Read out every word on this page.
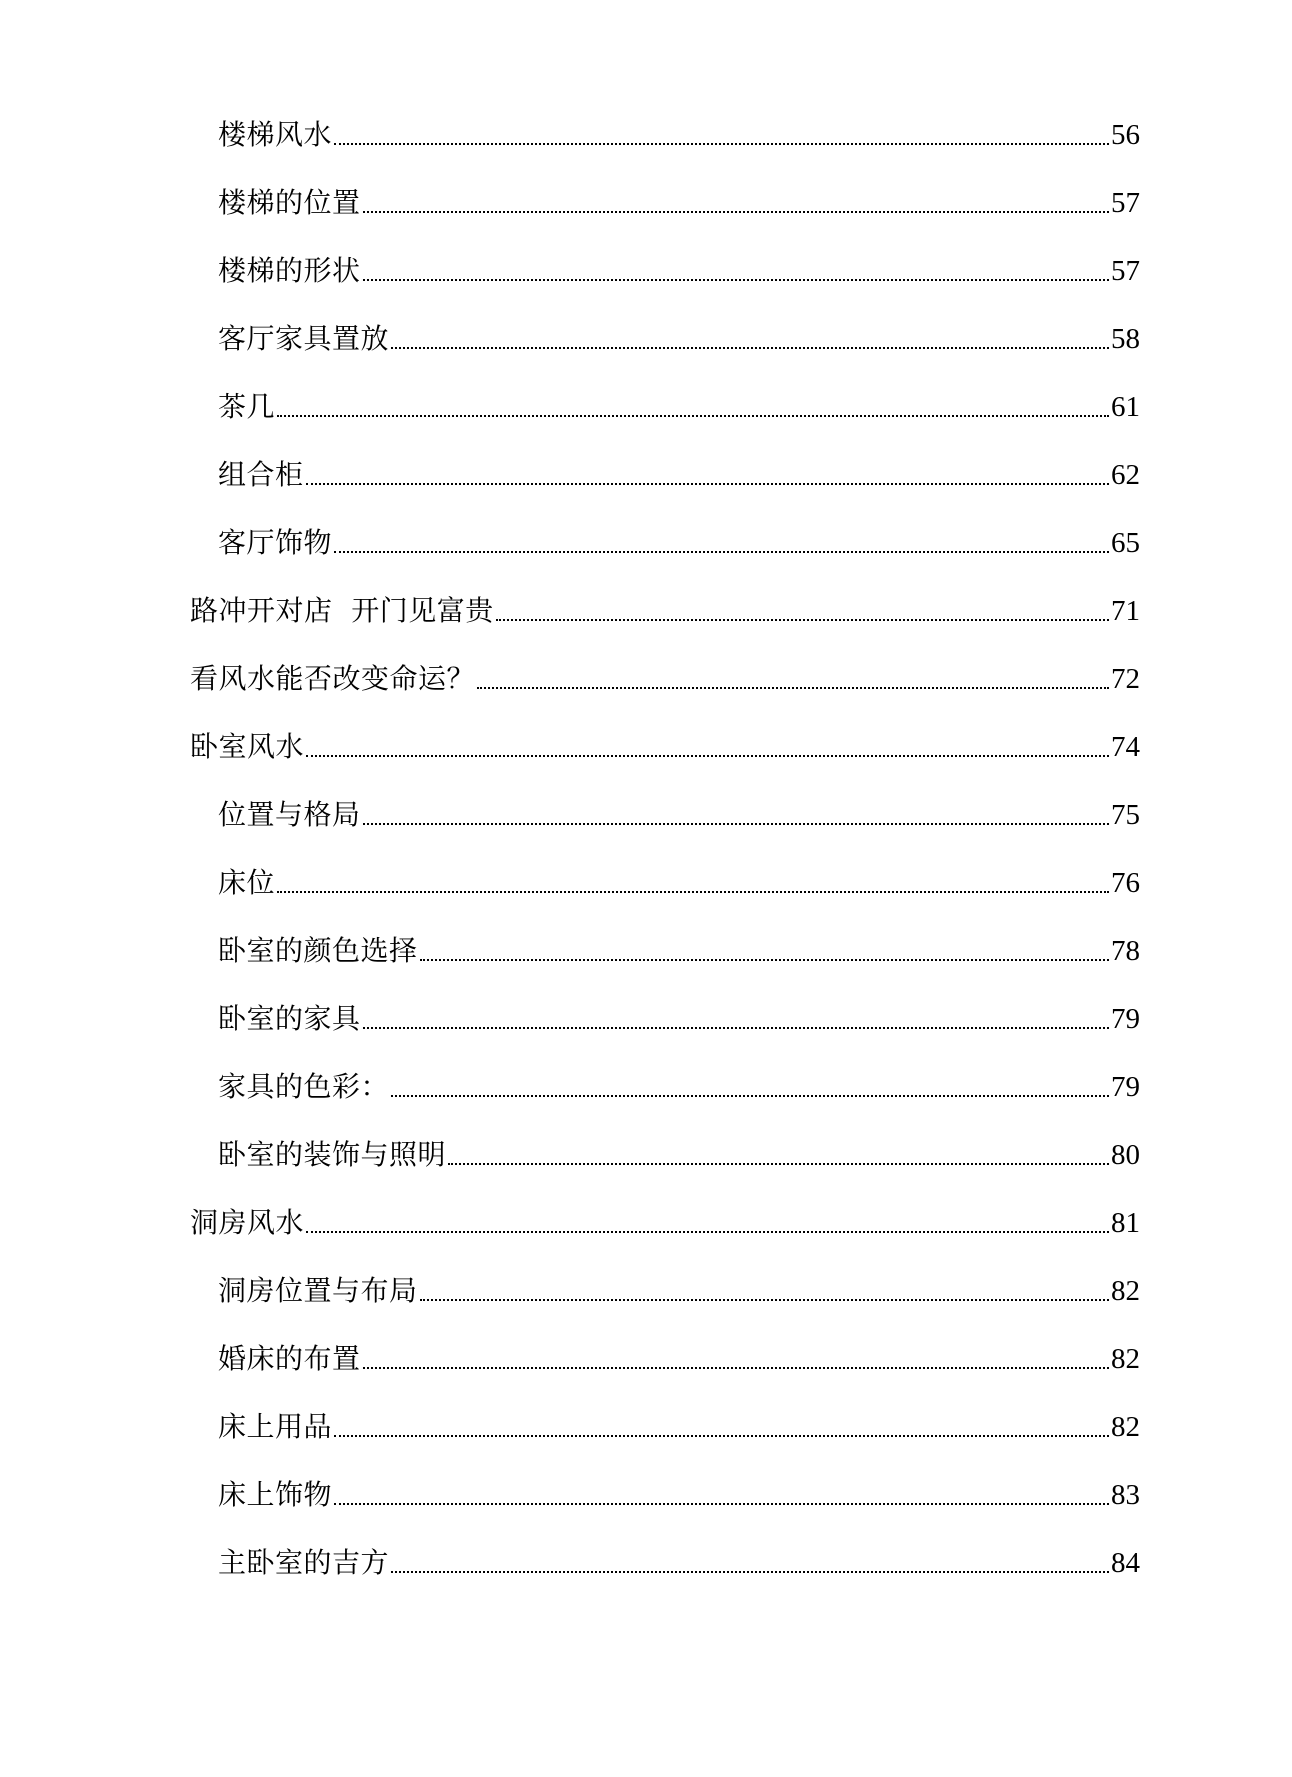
楼梯风水	56
楼梯的位置	57
楼梯的形状	57
客厅家具置放	58
茶几	61
组合柜	62
客厅饰物	65
路冲开对店  开门见富贵	71
看风水能否改变命运？	72
卧室风水	74
位置与格局	75
床位	76
卧室的颜色选择	78
卧室的家具	79
家具的色彩：	79
卧室的装饰与照明	80
洞房风水	81
洞房位置与布局	82
婚床的布置	82
床上用品	82
床上饰物	83
主卧室的吉方	84
